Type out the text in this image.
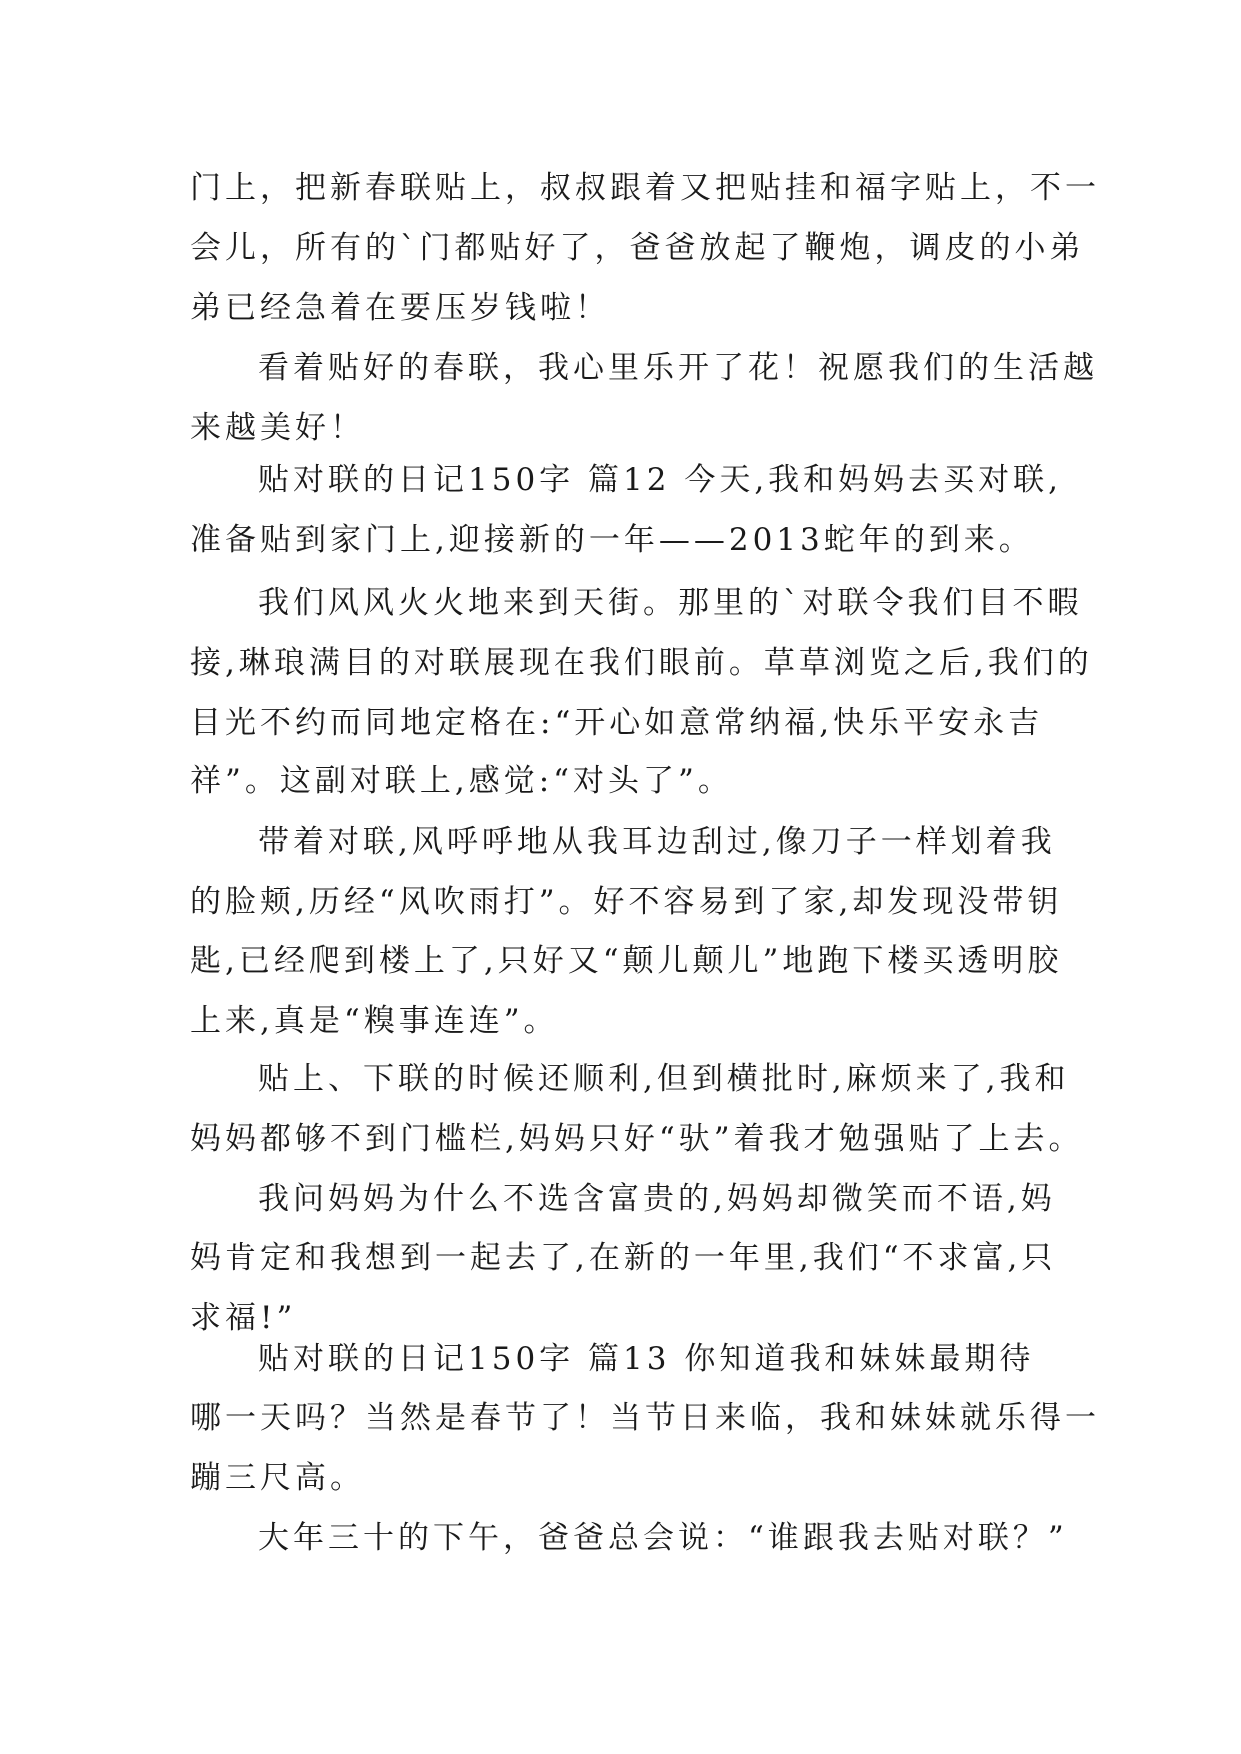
门上，把新春联贴上，叔叔跟着又把贴挂和福字贴上，不一
会儿，所有的`门都贴好了，爸爸放起了鞭炮，调皮的小弟
弟已经急着在要压岁钱啦！
看着贴好的春联，我心里乐开了花！祝愿我们的生活越
来越美好！
贴对联的日记150字 篇12 今天,我和妈妈去买对联,
准备贴到家门上,迎接新的一年——2013蛇年的到来。
我们风风火火地来到天街。那里的`对联令我们目不暇
接,琳琅满目的对联展现在我们眼前。草草浏览之后,我们的
目光不约而同地定格在:“开心如意常纳福,快乐平安永吉
祥”。这副对联上,感觉:“对头了”。
带着对联,风呼呼地从我耳边刮过,像刀子一样划着我
的脸颊,历经“风吹雨打”。好不容易到了家,却发现没带钥
匙,已经爬到楼上了,只好又“颠儿颠儿”地跑下楼买透明胶
上来,真是“糗事连连”。
贴上、下联的时候还顺利,但到横批时,麻烦来了,我和
妈妈都够不到门槛栏,妈妈只好“驮”着我才勉强贴了上去。
我问妈妈为什么不选含富贵的,妈妈却微笑而不语,妈
妈肯定和我想到一起去了,在新的一年里,我们“不求富,只
求福!”
贴对联的日记150字 篇13 你知道我和妹妹最期待
哪一天吗？当然是春节了！当节日来临，我和妹妹就乐得一
蹦三尺高。
大年三十的下午，爸爸总会说：“谁跟我去贴对联？”
